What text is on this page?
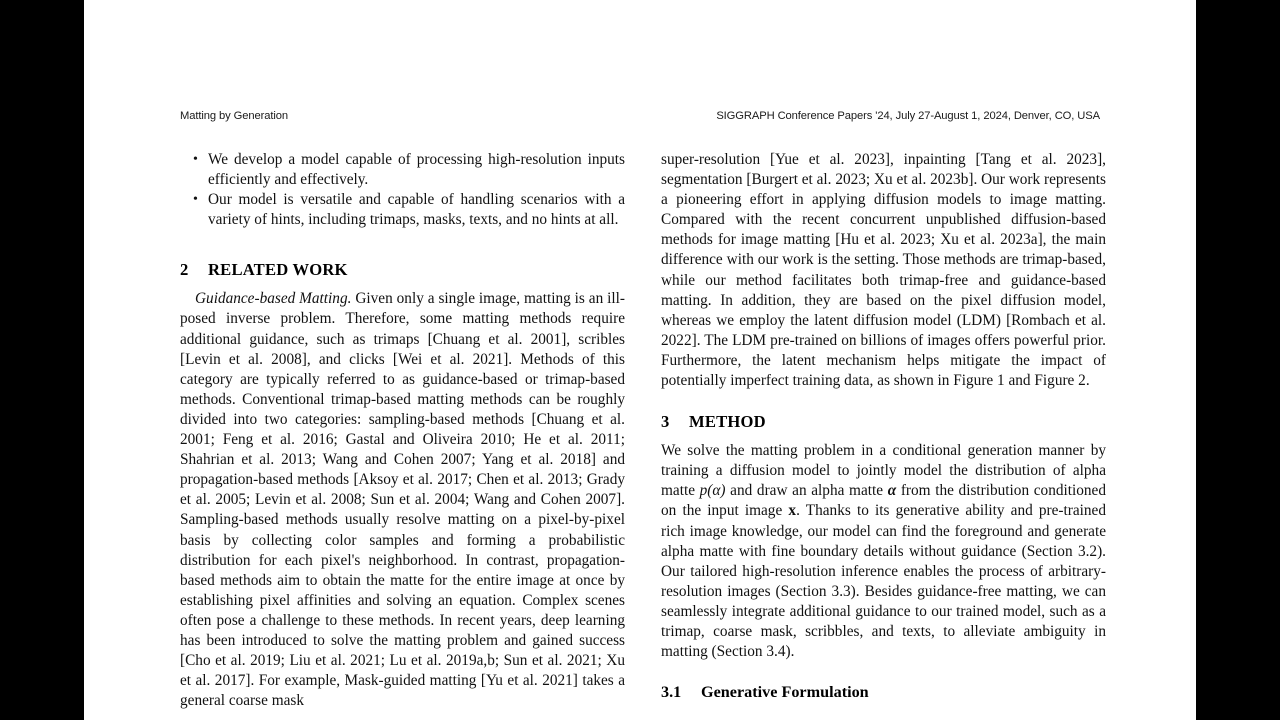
Matting by Generation	SIGGRAPH Conference Papers '24, July 27-August 1, 2024, Denver, CO, USA
• We develop a model capable of processing high-resolution inputs efficiently and effectively.
• Our model is versatile and capable of handling scenarios with a variety of hints, including trimaps, masks, texts, and no hints at all.
2 RELATED WORK

Guidance-based Matting. Given only a single image, matting is an ill-posed inverse problem. Therefore, some matting methods require additional guidance, such as trimaps [Chuang et al. 2001], scribles [Levin et al. 2008], and clicks [Wei et al. 2021]. Methods of this category are typically referred to as guidance-based or trimap-based methods. Conventional trimap-based matting methods can be roughly divided into two categories: sampling-based methods [Chuang et al. 2001; Feng et al. 2016; Gastal and Oliveira 2010; He et al. 2011; Shahrian et al. 2013; Wang and Cohen 2007; Yang et al. 2018] and propagation-based methods [Aksoy et al. 2017; Chen et al. 2013; Grady et al. 2005; Levin et al. 2008; Sun et al. 2004; Wang and Cohen 2007]. Sampling-based methods usually resolve matting on a pixel-by-pixel basis by collecting color samples and forming a probabilistic distribution for each pixel's neighborhood. In contrast, propagation-based methods aim to obtain the matte for the entire image at once by establishing pixel affinities and solving an equation. Complex scenes often pose a challenge to these methods. In recent years, deep learning has been introduced to solve the matting problem and gained success [Cho et al. 2019; Liu et al. 2021; Lu et al. 2019a,b; Sun et al. 2021; Xu et al. 2017]. For example, Mask-guided matting [Yu et al. 2021] takes a general coarse mask

super-resolution [Yue et al. 2023], inpainting [Tang et al. 2023], segmentation [Burgert et al. 2023; Xu et al. 2023b]. Our work represents a pioneering effort in applying diffusion models to image matting. Compared with the recent concurrent unpublished diffusion-based methods for image matting [Hu et al. 2023; Xu et al. 2023a], the main difference with our work is the setting. Those methods are trimap-based, while our method facilitates both trimap-free and guidance-based matting. In addition, they are based on the pixel diffusion model, whereas we employ the latent diffusion model (LDM) [Rombach et al. 2022]. The LDM pre-trained on billions of images offers powerful prior. Furthermore, the latent mechanism helps mitigate the impact of potentially imperfect training data, as shown in Figure 1 and Figure 2.

3 METHOD

We solve the matting problem in a conditional generation manner by training a diffusion model to jointly model the distribution of alpha matte p(α) and draw an alpha matte α from the distribution conditioned on the input image x. Thanks to its generative ability and pre-trained rich image knowledge, our model can find the foreground and generate alpha matte with fine boundary details without guidance (Section 3.2). Our tailored high-resolution inference enables the process of arbitrary-resolution images (Section 3.3). Besides guidance-free matting, we can seamlessly integrate additional guidance to our trained model, such as a trimap, coarse mask, scribbles, and texts, to alleviate ambiguity in matting (Section 3.4).

3.1 Generative Formulation
